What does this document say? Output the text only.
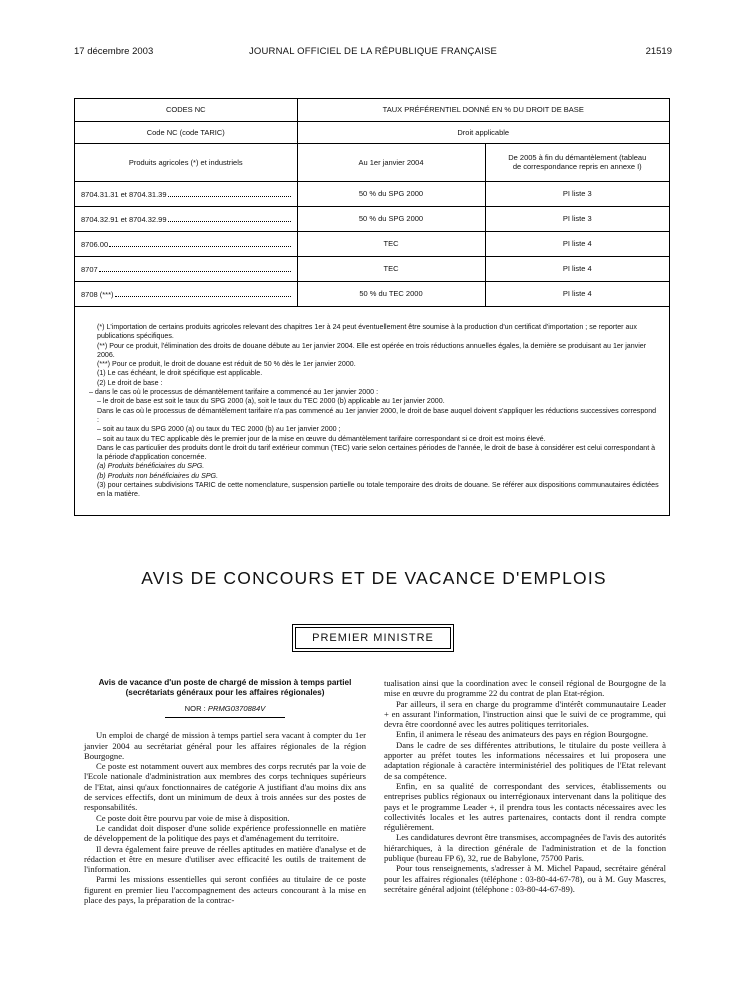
17 décembre 2003	JOURNAL OFFICIEL DE LA RÉPUBLIQUE FRANÇAISE	21519
CODES NC	TAUX PRÉFÉRENTIEL DONNÉ EN % DU DROIT DE BASE	
Code NC (code TARIC)	Droit applicable	
Produits agricoles (*) et industriels	Au 1er janvier 2004	De 2005 à fin du démantèlement (tableau de correspondance repris en annexe I)

8704.31.31 et 8704.31.39	50 % du SPG 2000	PI liste 3

8704.32.91 et 8704.32.99	50 % du SPG 2000	PI liste 3

8706.00	TEC	PI liste 4

8707	TEC	PI liste 4

8708 (***)	50 % du TEC 2000	PI liste 4

(*) L'importation de certains produits agricoles relevant des chapitres 1er à 24 peut éventuellement être soumise à la production d'un certificat d'importation ; se reporter aux publications spécifiques.

(**) Pour ce produit, l'élimination des droits de douane débute au 1er janvier 2004. Elle est opérée en trois réductions annuelles égales, la dernière se produisant au 1er janvier 2006.

(***) Pour ce produit, le droit de douane est réduit de 50 % dès le 1er janvier 2000.

(1) Le cas échéant, le droit spécifique est applicable.

(2) Le droit de base :

– dans le cas où le processus de démantèlement tarifaire a commencé au 1er janvier 2000 :

– le droit de base est soit le taux du SPG 2000 (a), soit le taux du TEC 2000 (b) applicable au 1er janvier 2000.

Dans le cas où le processus de démantèlement tarifaire n'a pas commencé au 1er janvier 2000, le droit de base auquel doivent s'appliquer les réductions successives correspond :

– soit au taux du SPG 2000 (a) ou taux du TEC 2000 (b) au 1er janvier 2000 ;

– soit au taux du TEC applicable dès le premier jour de la mise en œuvre du démantèlement tarifaire correspondant si ce droit est moins élevé.

Dans le cas particulier des produits dont le droit du tarif extérieur commun (TEC) varie selon certaines périodes de l'année, le droit de base à considérer est celui correspondant à la période d'application concernée.

(a) Produits bénéficiaires du SPG.

(b) Produits non bénéficiaires du SPG.

(3) pour certaines subdivisions TARIC de cette nomenclature, suspension partielle ou totale temporaire des droits de douane. Se référer aux dispositions communautaires édictées en la matière.

AVIS DE CONCOURS ET DE VACANCE D'EMPLOIS
PREMIER MINISTRE

Avis de vacance d'un poste de chargé de mission à temps partiel (secrétariats généraux pour les affaires régionales)

NOR : PRMG0370884V

Un emploi de chargé de mission à temps partiel sera vacant à compter du 1er janvier 2004 au secrétariat général pour les affaires régionales de la région Bourgogne.

Ce poste est notamment ouvert aux membres des corps recrutés par la voie de l'Ecole nationale d'administration aux membres des corps techniques supérieurs de l'Etat, ainsi qu'aux fonctionnaires de catégorie A justifiant d'au moins dix ans de services effectifs, dont un minimum de deux à trois années sur des postes de responsabilités.

Ce poste doit être pourvu par voie de mise à disposition.

Le candidat doit disposer d'une solide expérience professionnelle en matière de développement de la politique des pays et d'aménagement du territoire.

Il devra également faire preuve de réelles aptitudes en matière d'analyse et de rédaction et être en mesure d'utiliser avec efficacité les outils de traitement de l'information.

Parmi les missions essentielles qui seront confiées au titulaire de ce poste figurent en premier lieu l'accompagnement des acteurs concourant à la mise en place des pays, la préparation de la contrac-

tualisation ainsi que la coordination avec le conseil régional de Bourgogne de la mise en œuvre du programme 22 du contrat de plan Etat-région.

Par ailleurs, il sera en charge du programme d'intérêt communautaire Leader + en assurant l'information, l'instruction ainsi que le suivi de ce programme, qui devra être coordonné avec les autres politiques territoriales.

Enfin, il animera le réseau des animateurs des pays en région Bourgogne.

Dans le cadre de ses différentes attributions, le titulaire du poste veillera à apporter au préfet toutes les informations nécessaires et lui proposera une adaptation régionale à caractère interministériel des politiques de l'Etat relevant de sa compétence.

Enfin, en sa qualité de correspondant des services, établissements ou entreprises publics régionaux ou interrégionaux intervenant dans la politique des pays et le programme Leader +, il prendra tous les contacts nécessaires avec les collectivités locales et les autres partenaires, contacts dont il rendra compte régulièrement.

Les candidatures devront être transmises, accompagnées de l'avis des autorités hiérarchiques, à la direction générale de l'administration et de la fonction publique (bureau FP 6), 32, rue de Babylone, 75700 Paris.

Pour tous renseignements, s'adresser à M. Michel Papaud, secrétaire général pour les affaires régionales (téléphone : 03-80-44-67-78), ou à M. Guy Mascres, secrétaire général adjoint (téléphone : 03-80-44-67-89).
